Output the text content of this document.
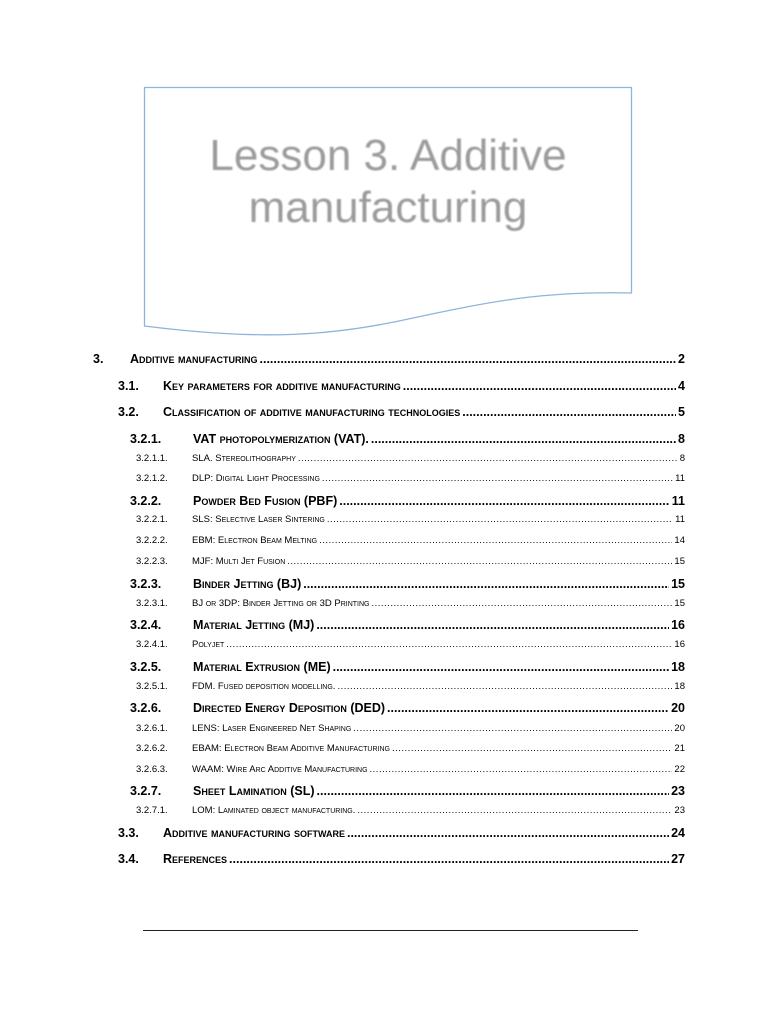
Lesson 3. Additive
manufacturing
3.	Additive manufacturing .....	2
3.1.	Key parameters for additive manufacturing .....	4
3.2.	Classification of additive manufacturing technologies .....	5
3.2.1.	VAT photopolymerization (VAT). .....	8
3.2.1.1.	SLA. Stereolithography .....	8
3.2.1.2.	DLP: Digital Light Processing .....	11
3.2.2.	Powder Bed Fusion (PBF) .....	11
3.2.2.1.	SLS: Selective Laser Sintering .....	11
3.2.2.2.	EBM: Electron Beam Melting .....	14
3.2.2.3.	MJF: Multi Jet Fusion .....	15
3.2.3.	Binder Jetting (BJ) .....	15
3.2.3.1.	BJ or 3DP: Binder Jetting or 3D Printing .....	15
3.2.4.	Material Jetting (MJ) .....	16
3.2.4.1.	Polyjet .....	16
3.2.5.	Material Extrusion (ME) .....	18
3.2.5.1.	FDM. Fused deposition modelling. .....	18
3.2.6.	Directed Energy Deposition (DED) .....	20
3.2.6.1.	LENS: Laser Engineered Net Shaping .....	20
3.2.6.2.	EBAM: Electron Beam Additive Manufacturing .....	21
3.2.6.3.	WAAM: Wire Arc Additive Manufacturing .....	22
3.2.7.	Sheet Lamination (SL) .....	23
3.2.7.1.	LOM: Laminated object manufacturing. .....	23
3.3.	Additive manufacturing software .....	24
3.4.	References .....	27
